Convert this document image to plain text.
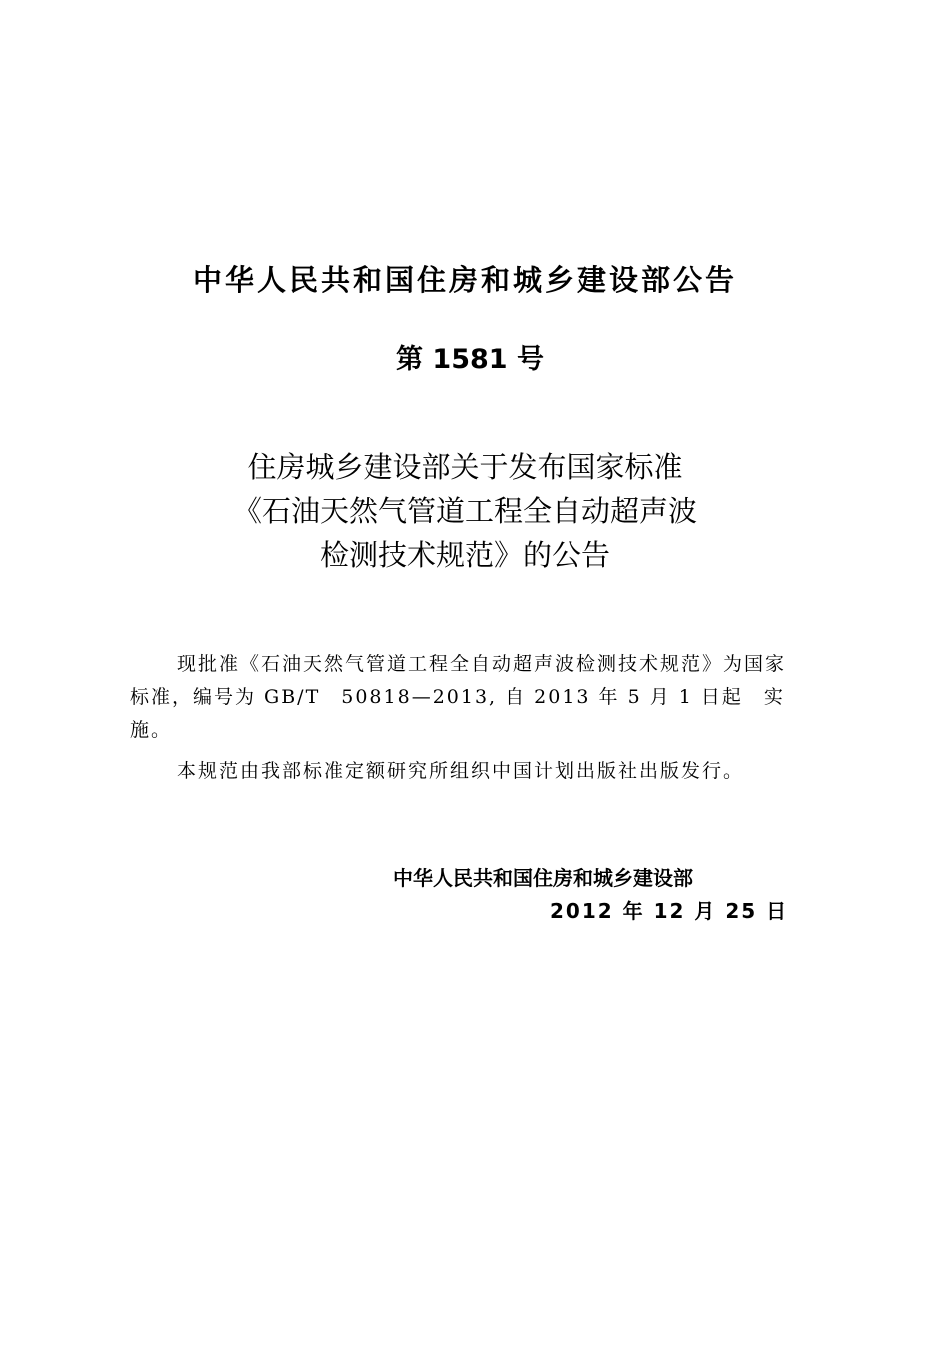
中华人民共和国住房和城乡建设部公告
第 1581 号
住房城乡建设部关于发布国家标准
《石油天然气管道工程全自动超声波
检测技术规范》的公告

现批准《石油天然气管道工程全自动超声波检测技术规范》为国家标准，编号为 GB/T　50818—2013, 自 2013 年 5 月 1 日起　实施。

本规范由我部标准定额研究所组织中国计划出版社出版发行。

中华人民共和国住房和城乡建设部
2012 年 12 月 25 日
